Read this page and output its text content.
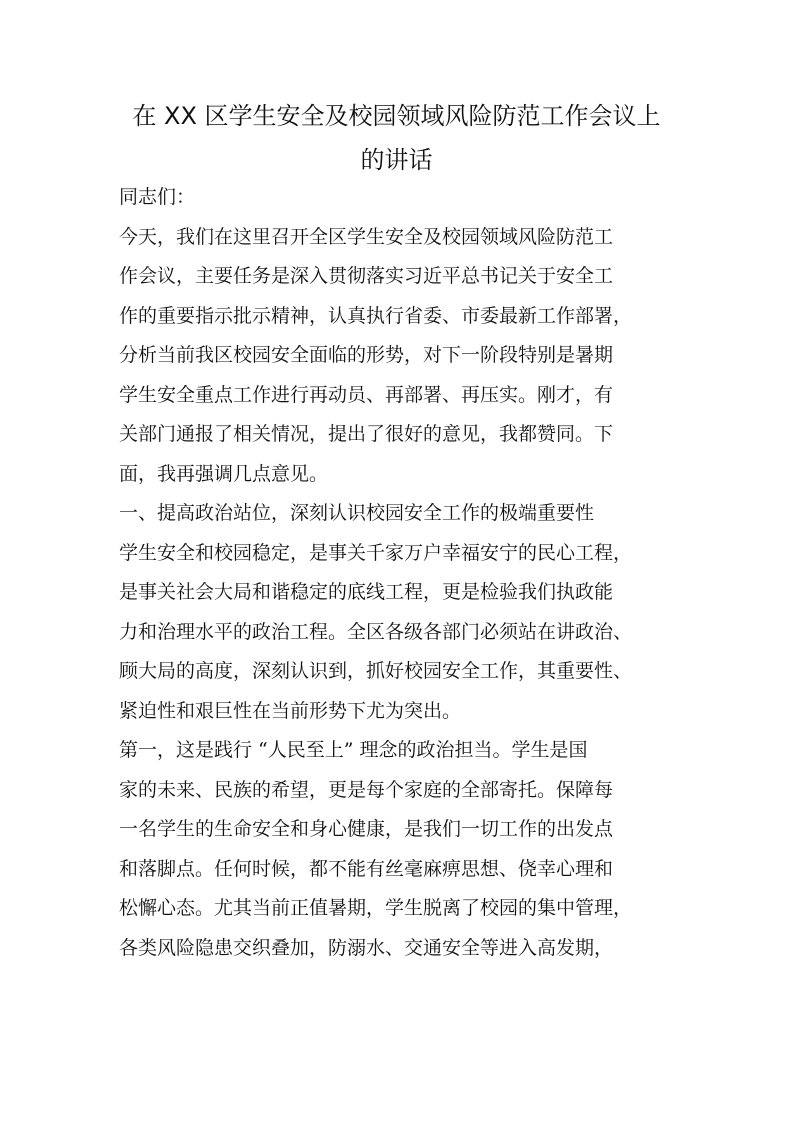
在 XX 区学生安全及校园领域风险防范工作会议上
的讲话
同志们：
今天，我们在这里召开全区学生安全及校园领域风险防范工
作会议，主要任务是深入贯彻落实习近平总书记关于安全工
作的重要指示批示精神，认真执行省委、市委最新工作部署，
分析当前我区校园安全面临的形势，对下一阶段特别是暑期
学生安全重点工作进行再动员、再部署、再压实。刚才，有
关部门通报了相关情况，提出了很好的意见，我都赞同。下
面，我再强调几点意见。
一、提高政治站位，深刻认识校园安全工作的极端重要性
学生安全和校园稳定，是事关千家万户幸福安宁的民心工程，
是事关社会大局和谐稳定的底线工程，更是检验我们执政能
力和治理水平的政治工程。全区各级各部门必须站在讲政治、
顾大局的高度，深刻认识到，抓好校园安全工作，其重要性、
紧迫性和艰巨性在当前形势下尤为突出。
第一，这是践行 “人民至上” 理念的政治担当。学生是国
家的未来、民族的希望，更是每个家庭的全部寄托。保障每
一名学生的生命安全和身心健康，是我们一切工作的出发点
和落脚点。任何时候，都不能有丝毫麻痹思想、侥幸心理和
松懈心态。尤其当前正值暑期，学生脱离了校园的集中管理，
各类风险隐患交织叠加，防溺水、交通安全等进入高发期，
